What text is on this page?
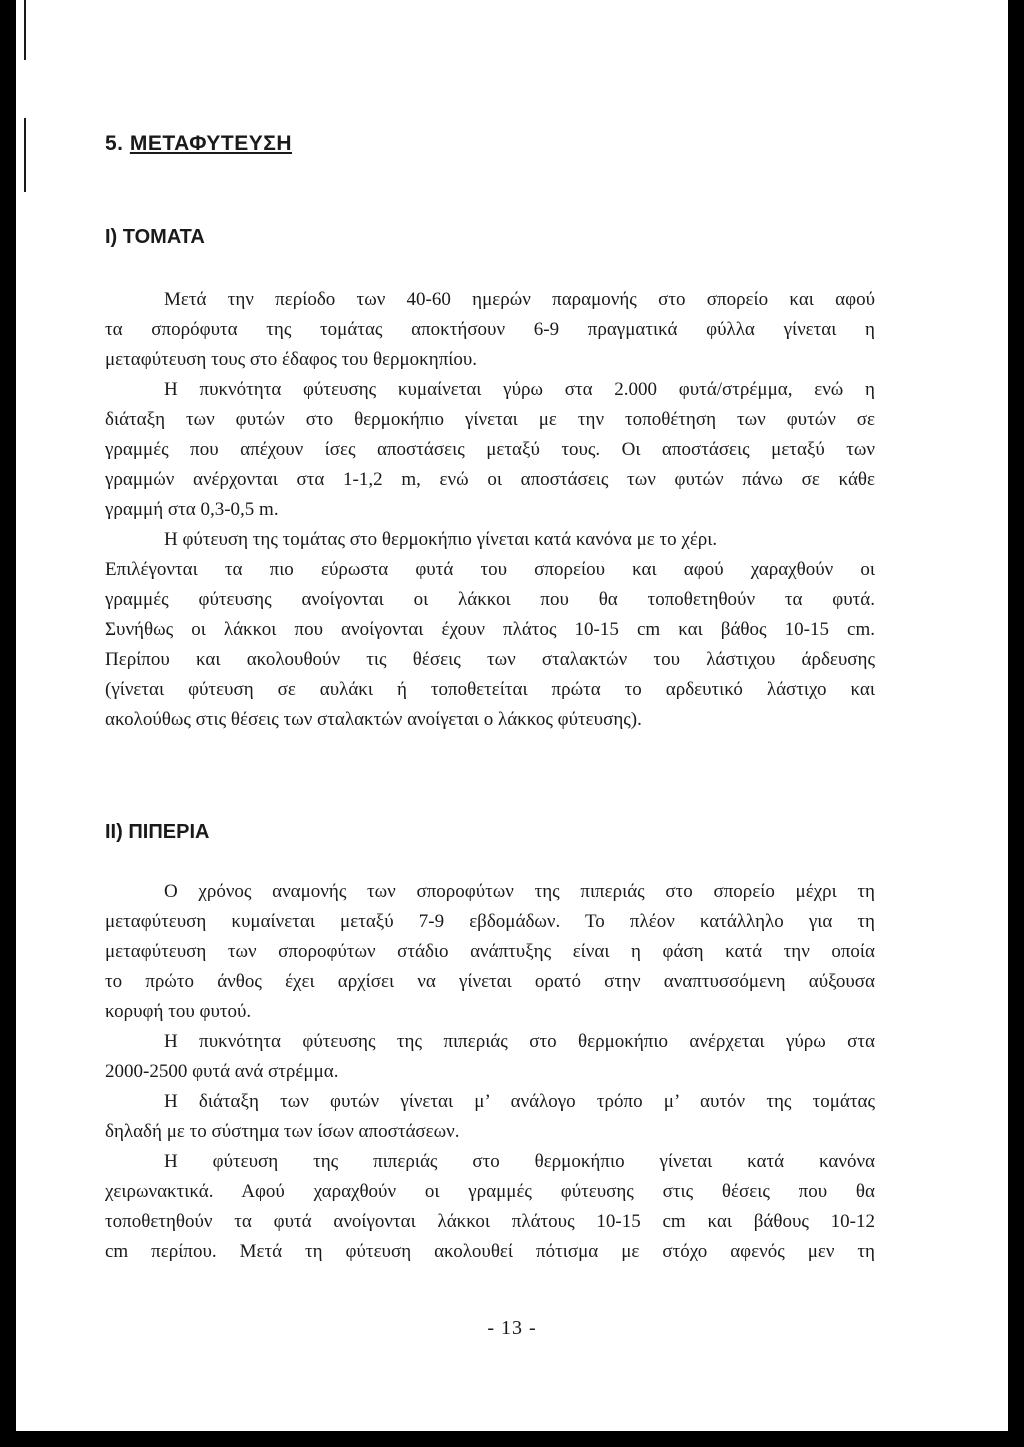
5. ΜΕΤΑΦΥΤΕΥΣΗ
I) ΤΟΜΑΤΑ
Μετά την περίοδο των 40-60 ημερών παραμονής στο σπορείο και αφού
τα σπορόφυτα της τομάτας αποκτήσουν 6-9 πραγματικά φύλλα γίνεται η
μεταφύτευση τους στο έδαφος του θερμοκηπίου.
Η πυκνότητα φύτευσης κυμαίνεται γύρω στα 2.000 φυτά/στρέμμα, ενώ η
διάταξη των φυτών στο θερμοκήπιο γίνεται με την τοποθέτηση των φυτών σε
γραμμές που απέχουν ίσες αποστάσεις μεταξύ τους. Οι αποστάσεις μεταξύ των
γραμμών ανέρχονται στα 1-1,2 m, ενώ οι αποστάσεις των φυτών πάνω σε κάθε
γραμμή στα 0,3-0,5 m.
Η φύτευση της τομάτας στο θερμοκήπιο γίνεται κατά κανόνα με το χέρι.
Επιλέγονται τα πιο εύρωστα φυτά του σπορείου και αφού χαραχθούν οι
γραμμές φύτευσης ανοίγονται οι λάκκοι που θα τοποθετηθούν τα φυτά.
Συνήθως οι λάκκοι που ανοίγονται έχουν πλάτος 10-15 cm και βάθος 10-15 cm.
Περίπου και ακολουθούν τις θέσεις των σταλακτών του λάστιχου άρδευσης
(γίνεται φύτευση σε αυλάκι ή τοποθετείται πρώτα το αρδευτικό λάστιχο και
ακολούθως στις θέσεις των σταλακτών ανοίγεται ο λάκκος φύτευσης).
II) ΠΙΠΕΡΙΑ
Ο χρόνος αναμονής των σποροφύτων της πιπεριάς στο σπορείο μέχρι τη
μεταφύτευση κυμαίνεται μεταξύ 7-9 εβδομάδων. Το πλέον κατάλληλο για τη
μεταφύτευση των σποροφύτων στάδιο ανάπτυξης είναι η φάση κατά την οποία
το πρώτο άνθος έχει αρχίσει να γίνεται ορατό στην αναπτυσσόμενη αύξουσα
κορυφή του φυτού.
Η πυκνότητα φύτευσης της πιπεριάς στο θερμοκήπιο ανέρχεται γύρω στα
2000-2500 φυτά ανά στρέμμα.
Η διάταξη των φυτών γίνεται μ’ ανάλογο τρόπο μ’ αυτόν της τομάτας
δηλαδή με το σύστημα των ίσων αποστάσεων.
Η φύτευση της πιπεριάς στο θερμοκήπιο γίνεται κατά κανόνα
χειρωνακτικά. Αφού χαραχθούν οι γραμμές φύτευσης στις θέσεις που θα
τοποθετηθούν τα φυτά ανοίγονται λάκκοι πλάτους 10-15 cm και βάθους 10-12
cm περίπου. Μετά τη φύτευση ακολουθεί πότισμα με στόχο αφενός μεν τη
- 13 -
